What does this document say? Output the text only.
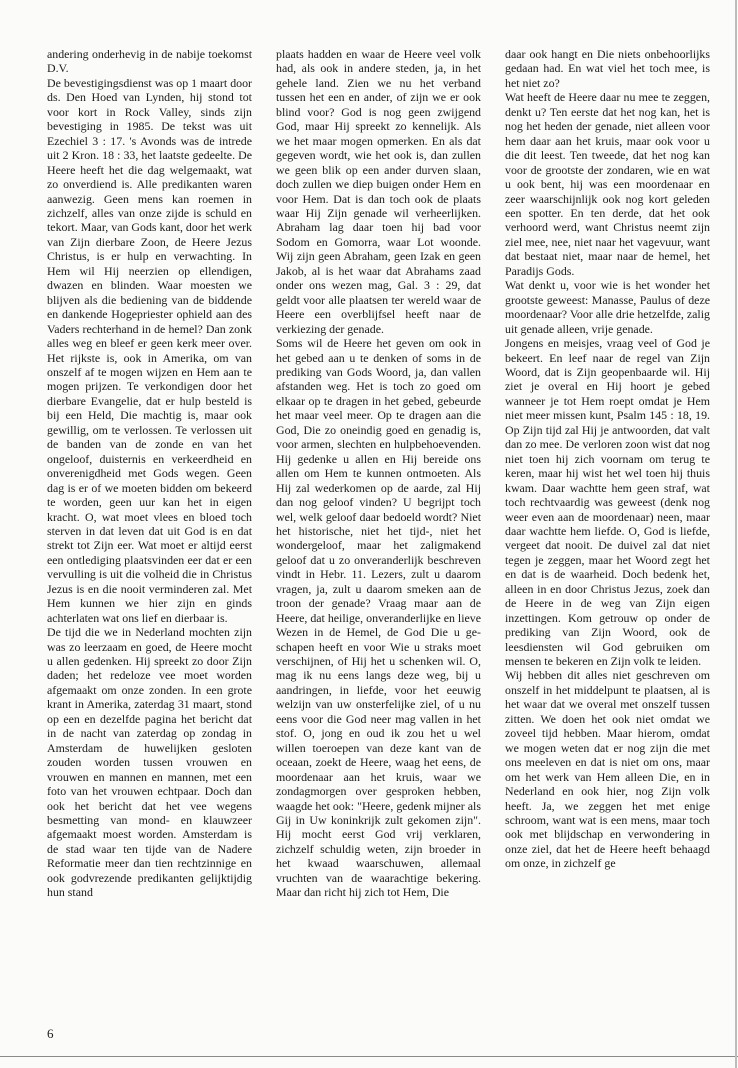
andering onderhevig in de nabije toekomst D.V.

De bevestigingsdienst was op 1 maart door ds. Den Hoed van Lynden, hij stond tot voor kort in Rock Valley, sinds zijn bevestiging in 1985. De tekst was uit Ezechiel 3 : 17. 's Avonds was de intrede uit 2 Kron. 18 : 33, het laatste gedeelte. De Heere heeft het die dag welgemaakt, wat zo onverdiend is. Alle predikanten waren aanwezig. Geen mens kan roemen in zichzelf, alles van onze zijde is schuld en tekort. Maar, van Gods kant, door het werk van Zijn dierbare Zoon, de Heere Jezus Christus, is er hulp en verwachting. In Hem wil Hij neerzien op ellendigen, dwazen en blinden. Waar moesten we blijven als die bediening van de biddende en dankende Hogepriester ophield aan des Vaders rechterhand in de hemel? Dan zonk alles weg en bleef er geen kerk meer over. Het rijkste is, ook in Amerika, om van onszelf af te mogen wijzen en Hem aan te mogen prijzen. Te verkondigen door het dierbare Evangelie, dat er hulp besteld is bij een Held, Die machtig is, maar ook gewillig, om te verlossen. Te verlossen uit de banden van de zonde en van het ongeloof, duisternis en verkeerdheid en onverenigdheid met Gods wegen. Geen dag is er of we moeten bidden om bekeerd te worden, geen uur kan het in eigen kracht. O, wat moet vlees en bloed toch sterven in dat leven dat uit God is en dat strekt tot Zijn eer. Wat moet er altijd eerst een ontlediging plaatsvinden eer dat er een vervulling is uit die volheid die in Christus Jezus is en die nooit verminderen zal. Met Hem kunnen we hier zijn en ginds achterlaten wat ons lief en dierbaar is.

De tijd die we in Nederland mochten zijn was zo leerzaam en goed, de Heere mocht u allen gedenken. Hij spreekt zo door Zijn daden; het redeloze vee moet worden afgemaakt om onze zonden. In een grote krant in Amerika, zaterdag 31 maart, stond op een en dezelfde pagina het bericht dat in de nacht van zaterdag op zondag in Amsterdam de huwelijken gesloten zouden worden tussen vrouwen en vrouwen en mannen en mannen, met een foto van het vrouwen echtpaar. Doch dan ook het bericht dat het vee wegens besmetting van mond- en klauwzeer afgemaakt moest worden. Amsterdam is de stad waar ten tijde van de Nadere Reformatie meer dan tien rechtzinnige en ook godvrezende predikanten gelijktijdig hun stand

plaats hadden en waar de Heere veel volk had, als ook in andere steden, ja, in het gehele land. Zien we nu het verband tussen het een en ander, of zijn we er ook blind voor? God is nog geen zwijgend God, maar Hij spreekt zo kennelijk. Als we het maar mogen opmerken. En als dat gegeven wordt, wie het ook is, dan zullen we geen blik op een ander durven slaan, doch zullen we diep buigen onder Hem en voor Hem. Dat is dan toch ook de plaats waar Hij Zijn genade wil verheerlijken. Abraham lag daar toen hij bad voor Sodom en Gomorra, waar Lot woonde. Wij zijn geen Abraham, geen Izak en geen Jakob, al is het waar dat Abrahams zaad onder ons wezen mag, Gal. 3 : 29, dat geldt voor alle plaatsen ter wereld waar de Heere een overblijfsel heeft naar de verkiezing der genade.

Soms wil de Heere het geven om ook in het gebed aan u te denken of soms in de prediking van Gods Woord, ja, dan vallen afstanden weg. Het is toch zo goed om elkaar op te dragen in het gebed, gebeurde het maar veel meer. Op te dragen aan die God, Die zo oneindig goed en genadig is, voor armen, slechten en hulpbehoevenden. Hij gedenke u allen en Hij bereide ons allen om Hem te kunnen ontmoeten. Als Hij zal wederkomen op de aarde, zal Hij dan nog geloof vinden? U begrijpt toch wel, welk geloof daar bedoeld wordt? Niet het historische, niet het tijd-, niet het wondergeloof, maar het zaligmakend geloof dat u zo onveranderlijk beschreven vindt in Hebr. 11. Lezers, zult u daarom vragen, ja, zult u daarom smeken aan de troon der genade? Vraag maar aan de Heere, dat heilige, onveranderlijke en lieve Wezen in de Hemel, de God Die u geschapen heeft en voor Wie u straks moet verschijnen, of Hij het u schenken wil. O, mag ik nu eens langs deze weg, bij u aandringen, in liefde, voor het eeuwig welzijn van uw onsterfelijke ziel, of u nu eens voor die God neer mag vallen in het stof. O, jong en oud ik zou het u wel willen toeroepen van deze kant van de oceaan, zoekt de Heere, waag het eens, de moordenaar aan het kruis, waar we zondagmorgen over gesproken hebben, waagde het ook: "Heere, gedenk mijner als Gij in Uw koninkrijk zult gekomen zijn". Hij mocht eerst God vrij verklaren, zichzelf schuldig weten, zijn broeder in het kwaad waarschuwen, allemaal vruchten van de waarachtige bekering. Maar dan richt hij zich tot Hem, Die

daar ook hangt en Die niets onbehoorlijks gedaan had. En wat viel het toch mee, is het niet zo?

Wat heeft de Heere daar nu mee te zeggen, denkt u? Ten eerste dat het nog kan, het is nog het heden der genade, niet alleen voor hem daar aan het kruis, maar ook voor u die dit leest. Ten tweede, dat het nog kan voor de grootste der zondaren, wie en wat u ook bent, hij was een moordenaar en zeer waarschijnlijk ook nog kort geleden een spotter. En ten derde, dat het ook verhoord werd, want Christus neemt zijn ziel mee, nee, niet naar het vagevuur, want dat bestaat niet, maar naar de hemel, het Paradijs Gods.

Wat denkt u, voor wie is het wonder het grootste geweest: Manasse, Paulus of deze moordenaar? Voor alle drie hetzelfde, zalig uit genade alleen, vrije genade.

Jongens en meisjes, vraag veel of God je bekeert. En leef naar de regel van Zijn Woord, dat is Zijn geopenbaarde wil. Hij ziet je overal en Hij hoort je gebed wanneer je tot Hem roept omdat je Hem niet meer missen kunt, Psalm 145 : 18, 19. Op Zijn tijd zal Hij je antwoorden, dat valt dan zo mee. De verloren zoon wist dat nog niet toen hij zich voornam om terug te keren, maar hij wist het wel toen hij thuis kwam. Daar wachtte hem geen straf, wat toch rechtvaardig was geweest (denk nog weer even aan de moordenaar) neen, maar daar wachtte hem liefde. O, God is liefde, vergeet dat nooit. De duivel zal dat niet tegen je zeggen, maar het Woord zegt het en dat is de waarheid. Doch bedenk het, alleen in en door Christus Jezus, zoek dan de Heere in de weg van Zijn eigen inzettingen. Kom getrouw op onder de prediking van Zijn Woord, ook de leesdiensten wil God gebruiken om mensen te bekeren en Zijn volk te leiden.

Wij hebben dit alles niet geschreven om onszelf in het middelpunt te plaatsen, al is het waar dat we overal met onszelf tussen zitten. We doen het ook niet omdat we zoveel tijd hebben. Maar hierom, omdat we mogen weten dat er nog zijn die met ons meeleven en dat is niet om ons, maar om het werk van Hem alleen Die, en in Nederland en ook hier, nog Zijn volk heeft. Ja, we zeggen het met enige schroom, want wat is een mens, maar toch ook met blijdschap en verwondering in onze ziel, dat het de Heere heeft behaagd om onze, in zichzelf ge

6
